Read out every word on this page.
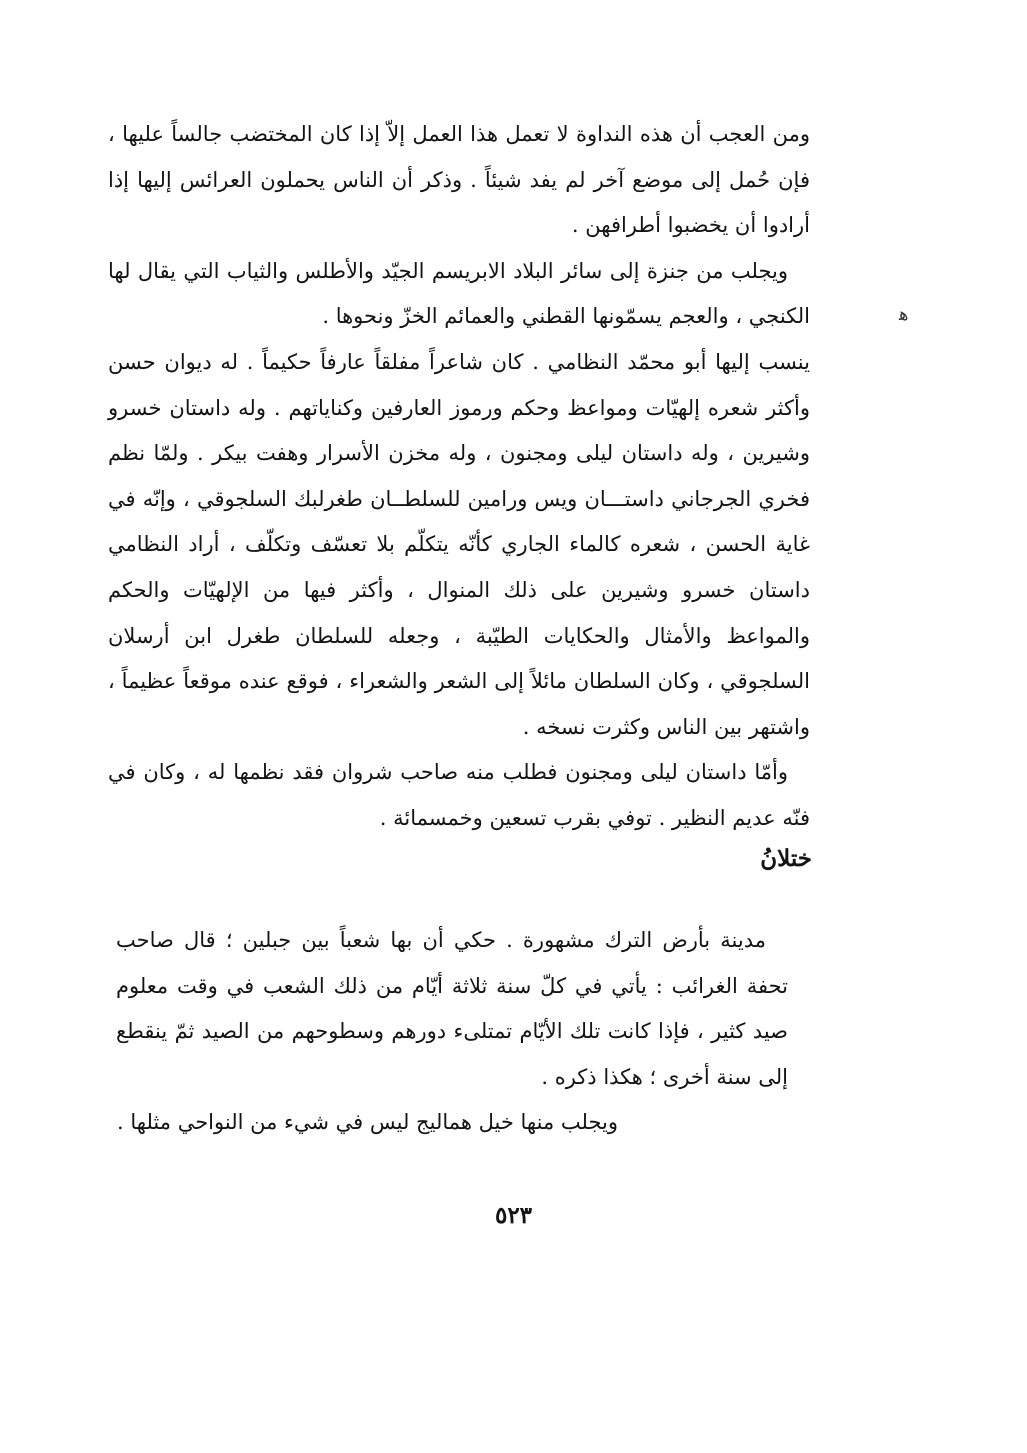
ومن العجب أن هذه النداوة لا تعمل هذا العمل إلاّ إذا كان المختضب جالساً عليها ، فإن حُمل إلى موضع آخر لم يفد شيئاً . وذكر أن الناس يحملون العرائس إليها إذا أرادوا أن يخضبوا أطرافهن .

ويجلب من جنزة إلى سائر البلاد الابريسم الجيّد والأطلس والثياب التي يقال لها الكنجي ، والعجم يسمّونها القطني والعمائم الخزّ ونحوها .

ينسب إليها أبو محمّد النظامي . كان شاعراً مفلقاً عارفاً حكيماً . له ديوان حسن وأكثر شعره إلهيّات ومواعظ وحكم ورموز العارفين وكناياتهم . وله داستان خسرو وشيرين ، وله داستان ليلى ومجنون ، وله مخزن الأسرار وهفت بيكر . ولمّا نظم فخري الجرجاني داستـــان ويس ورامين للسلطــان طغرلبك السلجوقي ، وإنّه في غاية الحسن ، شعره كالماء الجاري كأنّه يتكلّم بلا تعسّف وتكلّف ، أراد النظامي داستان خسرو وشيرين على ذلك المنوال ، وأكثر فيها من الإلهيّات والحكم والمواعظ والأمثال والحكايات الطيّبة ، وجعله للسلطان طغرل ابن أرسلان السلجوقي ، وكان السلطان مائلاً إلى الشعر والشعراء ، فوقع عنده موقعاً عظيماً ، واشتهر بين الناس وكثرت نسخه .

وأمّا داستان ليلى ومجنون فطلب منه صاحب شروان فقد نظمها له ، وكان في فنّه عديم النظير . توفي بقرب تسعين وخمسمائة .

ﻫ
ختلانُ

مدينة بأرض الترك مشهورة . حكي أن بها شعباً بين جبلين ؛ قال صاحب تحفة الغرائب : يأتي في كلّ سنة ثلاثة أيّام من ذلك الشعب في وقت معلوم صيد كثير ، فإذا كانت تلك الأيّام تمتلىء دورهم وسطوحهم من الصيد ثمّ ينقطع إلى سنة أخرى ؛ هكذا ذكره .

ويجلب منها خيل هماليج ليس في شيء من النواحي مثلها .

٥٢٣
